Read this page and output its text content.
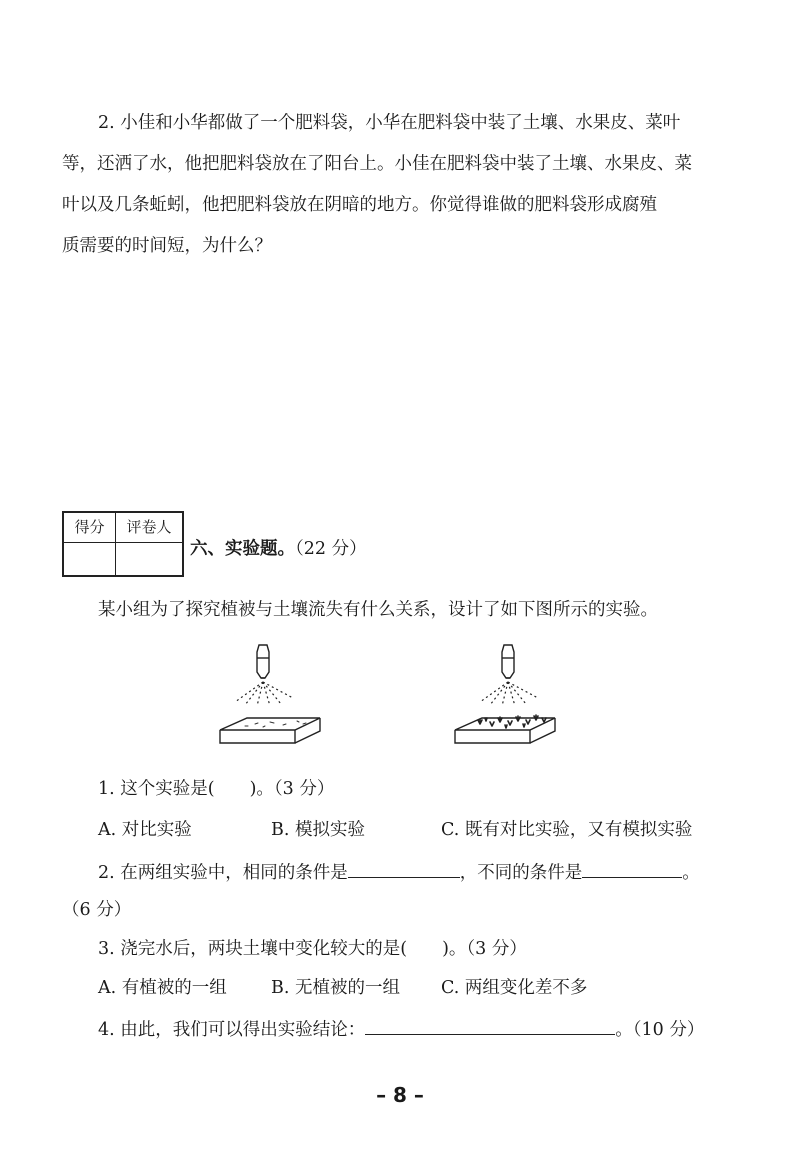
2. 小佳和小华都做了一个肥料袋，小华在肥料袋中装了土壤、水果皮、菜叶
等，还洒了水，他把肥料袋放在了阳台上。小佳在肥料袋中装了土壤、水果皮、菜
叶以及几条蚯蚓，他把肥料袋放在阴暗的地方。你觉得谁做的肥料袋形成腐殖
质需要的时间短，为什么？
得分	评卷人
六、实验题。（22 分）
某小组为了探究植被与土壤流失有什么关系，设计了如下图所示的实验。
1. 这个实验是(　　)。（3 分）
A. 对比实验	B. 模拟实验	C. 既有对比实验，又有模拟实验
2. 在两组实验中，相同的条件是	，不同的条件是	。
（6 分）
3. 浇完水后，两块土壤中变化较大的是(　　)。（3 分）
A. 有植被的一组	B. 无植被的一组 C. 两组变化差不多
4. 由此，我们可以得出实验结论：	。（10 分）
– 8 –
